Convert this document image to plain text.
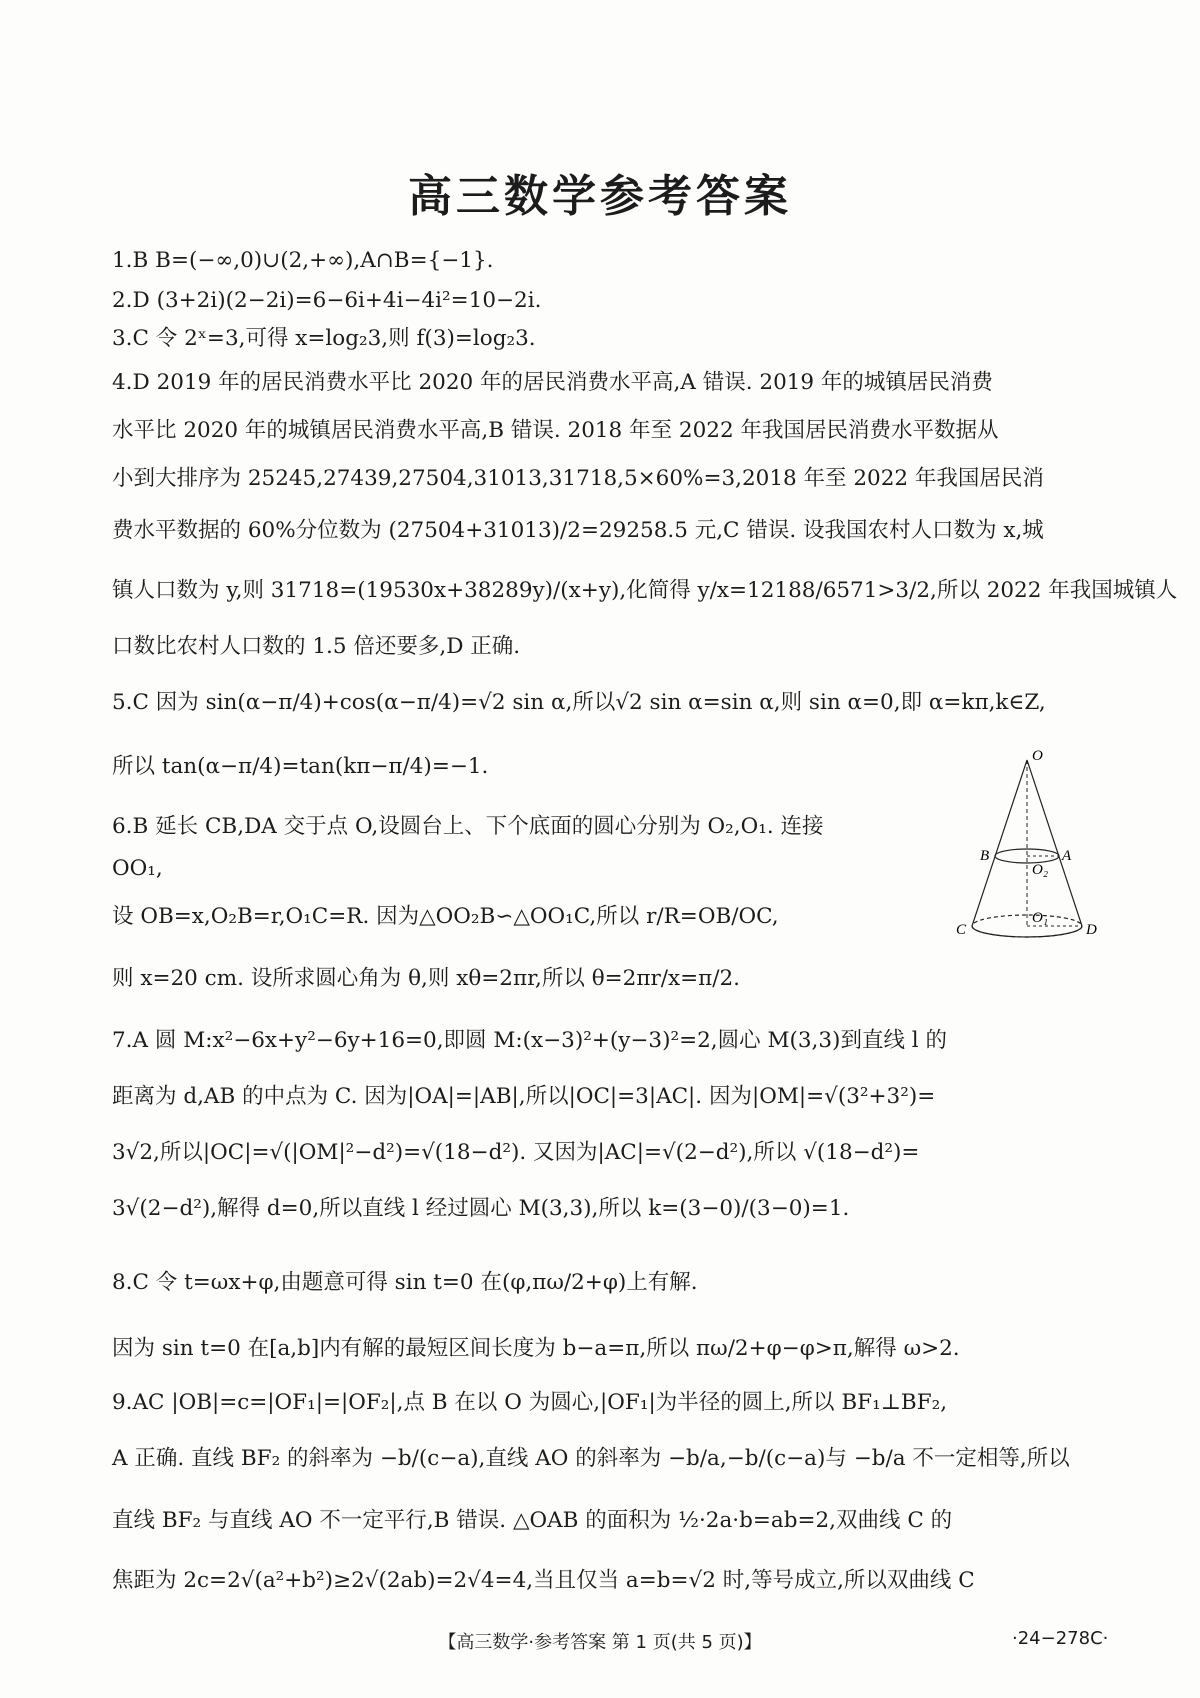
高三数学参考答案
1.B B=(−∞,0)∪(2,+∞),A∩B={−1}.
2.D (3+2i)(2−2i)=6−6i+4i−4i²=10−2i.
3.C 令 2ˣ=3,可得 x=log₂3,则 f(3)=log₂3.
4.D 2019 年的居民消费水平比 2020 年的居民消费水平高,A 错误. 2019 年的城镇居民消费
水平比 2020 年的城镇居民消费水平高,B 错误. 2018 年至 2022 年我国居民消费水平数据从
小到大排序为 25245,27439,27504,31013,31718,5×60%=3,2018 年至 2022 年我国居民消
费水平数据的 60%分位数为 (27504+31013)/2=29258.5 元,C 错误. 设我国农村人口数为 x,城
镇人口数为 y,则 31718=(19530x+38289y)/(x+y),化简得 y/x=12188/6571>3/2,所以 2022 年我国城镇人
口数比农村人口数的 1.5 倍还要多,D 正确.
5.C 因为 sin(α−π/4)+cos(α−π/4)=√2 sin α,所以√2 sin α=sin α,则 sin α=0,即 α=kπ,k∈Z,
所以 tan(α−π/4)=tan(kπ−π/4)=−1.
6.B 延长 CB,DA 交于点 O,设圆台上、下个底面的圆心分别为 O₂,O₁. 连接
OO₁,
设 OB=x,O₂B=r,O₁C=R. 因为△OO₂B∽△OO₁C,所以 r/R=OB/OC,
则 x=20 cm. 设所求圆心角为 θ,则 xθ=2πr,所以 θ=2πr/x=π/2.
7.A 圆 M:x²−6x+y²−6y+16=0,即圆 M:(x−3)²+(y−3)²=2,圆心 M(3,3)到直线 l 的
距离为 d,AB 的中点为 C. 因为|OA|=|AB|,所以|OC|=3|AC|. 因为|OM|=√(3²+3²)=
3√2,所以|OC|=√(|OM|²−d²)=√(18−d²). 又因为|AC|=√(2−d²),所以 √(18−d²)=
3√(2−d²),解得 d=0,所以直线 l 经过圆心 M(3,3),所以 k=(3−0)/(3−0)=1.
8.C 令 t=ωx+φ,由题意可得 sin t=0 在(φ,πω/2+φ)上有解.
因为 sin t=0 在[a,b]内有解的最短区间长度为 b−a=π,所以 πω/2+φ−φ>π,解得 ω>2.
9.AC |OB|=c=|OF₁|=|OF₂|,点 B 在以 O 为圆心,|OF₁|为半径的圆上,所以 BF₁⊥BF₂,
A 正确. 直线 BF₂ 的斜率为 −b/(c−a),直线 AO 的斜率为 −b/a,−b/(c−a)与 −b/a 不一定相等,所以
直线 BF₂ 与直线 AO 不一定平行,B 错误. △OAB 的面积为 ½·2a·b=ab=2,双曲线 C 的
焦距为 2c=2√(a²+b²)≥2√(2ab)=2√4=4,当且仅当 a=b=√2 时,等号成立,所以双曲线 C
O
A
B
C	D
O₂
O₁
【高三数学·参考答案 第 1 页(共 5 页)】	·24−278C·
